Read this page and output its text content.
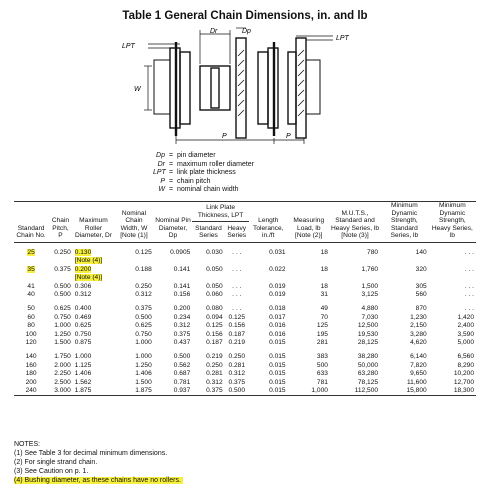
Table 1 General Chain Dimensions, in. and lb
LPT
Dr	Dp
LPT
W
P	P
Dp = pin diameter
Dr = maximum roller diameter
LPT = link plate thickness
P = chain pitch
W = nominal chain width
Standard Chain No.	Chain Pitch, P	Maximum Roller Diameter, Dr	Nominal Chain Width, W [Note (1)]	Nominal Pin Diameter, Dp	Link Plate Thickness, LPT		Length Tolerance, in./ft	Measuring Load, lb [Note (2)]	M.U.T.S., Standard and Heavy Series, lb [Note (3)]	Minimum Dynamic Strength, Standard Series, lb	Minimum Dynamic Strength, Heavy Series, lb
					Standard Series	Heavy Series					

25	0.250	0.130	0.125	0.0905	0.030	. . .	0.031	18	780	140	. . .
		[Note (4)]									
35	0.375	0.200	0.188	0.141	0.050	. . .	0.022	18	1,760	320	. . .
		[Note (4)]									
41	0.500	0.306	0.250	0.141	0.050	. . .	0.019	18	1,500	305	. . .
40	0.500	0.312	0.312	0.156	0.060	. . .	0.019	31	3,125	560	. . .

50	0.625	0.400	0.375	0.200	0.080	. . .	0.018	49	4,880	870	. . .
60	0.750	0.469	0.500	0.234	0.094	0.125	0.017	70	7,030	1,230	1,420
80	1.000	0.625	0.625	0.312	0.125	0.156	0.016	125	12,500	2,150	2,400
100	1.250	0.750	0.750	0.375	0.156	0.187	0.016	195	19,530	3,280	3,590
120	1.500	0.875	1.000	0.437	0.187	0.219	0.015	281	28,125	4,620	5,000

140	1.750	1.000	1.000	0.500	0.219	0.250	0.015	383	38,280	6,140	6,560
160	2.000	1.125	1.250	0.562	0.250	0.281	0.015	500	50,000	7,820	8,290
180	2.250	1.406	1.406	0.687	0.281	0.312	0.015	633	63,280	9,650	10,200
200	2.500	1.562	1.500	0.781	0.312	0.375	0.015	781	78,125	11,600	12,700
240	3.000	1.875	1.875	0.937	0.375	0.500	0.015	1,000	112,500	15,800	18,300
NOTES:
(1) See Table 3 for decimal minimum dimensions.
(2) For single strand chain.
(3) See Caution on p. 1.
(4) Bushing diameter, as these chains have no rollers.
